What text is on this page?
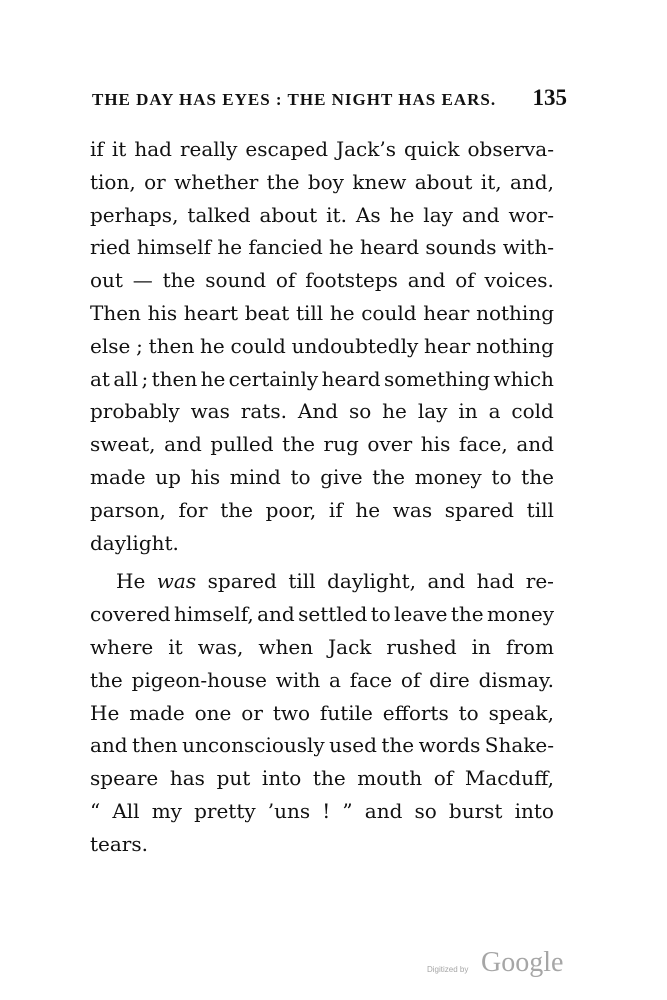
THE DAY HAS EYES : THE NIGHT HAS EARS. 135
if it had really escaped Jack’s quick observa-
tion, or whether the boy knew about it, and,
perhaps, talked about it. As he lay and wor-
ried himself he fancied he heard sounds with-
out — the sound of footsteps and of voices.
Then his heart beat till he could hear nothing
else ; then he could undoubtedly hear nothing
at all ; then he certainly heard something which
probably was rats. And so he lay in a cold
sweat, and pulled the rug over his face, and
made up his mind to give the money to the
parson, for the poor, if he was spared till
daylight.
He was spared till daylight, and had re-
covered himself, and settled to leave the money
where it was, when Jack rushed in from
the pigeon-house with a face of dire dismay.
He made one or two futile efforts to speak,
and then unconsciously used the words Shake-
speare has put into the mouth of Macduff,
“ All my pretty ’uns ! ” and so burst into
tears.
Digitized by Google
